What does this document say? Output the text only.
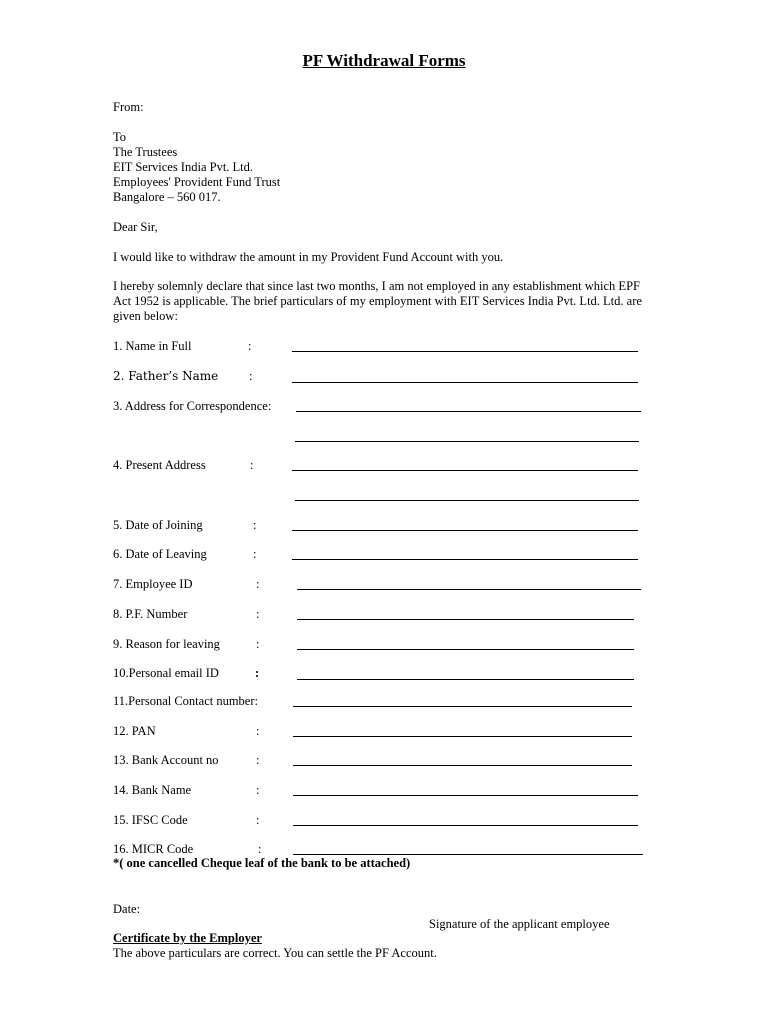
PF Withdrawal Forms
From:
To
The Trustees
EIT Services India Pvt. Ltd.
Employees' Provident Fund Trust
Bangalore – 560 017.
Dear Sir,
I would like to withdraw the amount in my Provident Fund Account with you.
I hereby solemnly declare that since last two months, I am not employed in any establishment which EPF Act 1952 is applicable. The brief particulars of my employment with EIT Services India Pvt. Ltd. Ltd. are given below:
1. Name in Full	:
2. Father’s Name :
3. Address for Correspondence:
4. Present Address	:
5. Date of Joining	:
6. Date of Leaving	:
7. Employee ID	:
8. P.F. Number	:
9. Reason for leaving	:
10.Personal email ID	:
11.Personal Contact number:
12. PAN	:
13. Bank Account no	:
14. Bank Name	:
15. IFSC Code	:
16. MICR Code	:
*( one cancelled Cheque leaf of the bank to be attached)
Date:
Signature of the applicant employee
Certificate by the Employer
The above particulars are correct. You can settle the PF Account.
